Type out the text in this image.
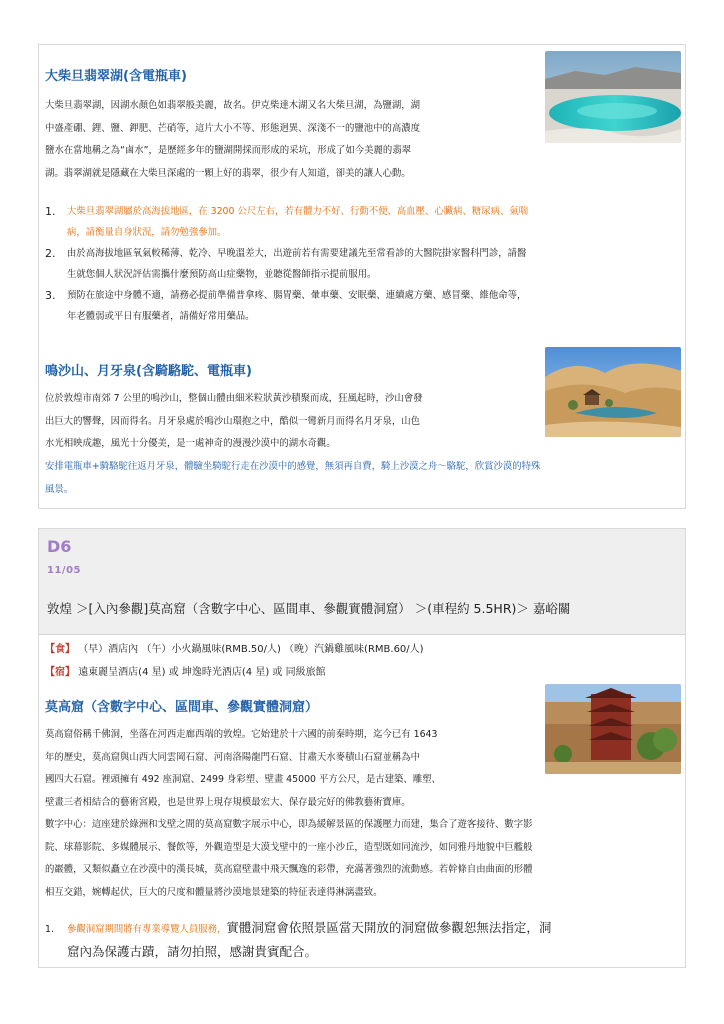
大柴旦翡翠湖(含電瓶車)

大柴旦翡翠湖，因湖水顏色如翡翠般美麗，故名。伊克柴達木湖又名大柴旦湖，為鹽湖，湖
中盛產硼、鋰、鹽、鉀肥、芒硝等，這片大小不等、形態迥異、深淺不一的鹽池中的高濃度
鹽水在當地稱之為“鹵水”，是歷經多年的鹽湖開採而形成的采坑，形成了如今美麗的翡翠
湖。翡翠湖就是隱藏在大柴旦深處的一顆上好的翡翠，很少有人知道，卻美的讓人心動。

1. 大柴旦翡翠湖屬於高海拔地區，在 3200 公尺左右，若有體力不好、行動不便、高血壓、心臟病、糖尿病、氣喘
病，請衡量自身狀況，請勿勉強參加。
2. 由於高海拔地區氧氣較稀薄、乾冷、早晚溫差大，出遊前若有需要建議先至常看診的大醫院掛家醫科門診，請醫
生就您個人狀況評估需攜什麼預防高山症藥物，並聽從醫師指示提前服用。
3. 預防在旅途中身體不適，請務必提前準備普拿疼、腸胃藥、暈車藥、安眠藥、連續處方藥、感冒藥、維他命等，
年老體弱或平日有服藥者，請備好常用藥品。
鳴沙山、月牙泉(含騎駱駝、電瓶車)

位於敦煌市南郊 7 公里的鳴沙山，整個山體由細米粒狀黃沙積聚而成，狂風起時，沙山會發
出巨大的響聲，因而得名。月牙泉處於鳴沙山環抱之中，酷似一彎新月而得名月牙泉，山色
水光相映成趣，風光十分優美，是一處神奇的漫漫沙漠中的湖水奇觀。

安排電瓶車+騎駱駝往返月牙泉，體驗坐騎駝行走在沙漠中的感覺，無須再自費，騎上沙漠之舟～駱駝，欣賞沙漠的特殊
風景。

D6
11/05
敦煌 ＞[入內參觀]莫高窟（含數字中心、區間車、參觀實體洞窟） ＞(車程約 5.5HR)＞ 嘉峪關
【食】 （早）酒店內 （午）小火鍋風味(RMB.50/人) （晚）汽鍋雞風味(RMB.60/人)
【宿】 遠東麗呈酒店(4 星) 或 坤逸時光酒店(4 星) 或 同級旅館
莫高窟（含數字中心、區間車、參觀實體洞窟）

莫高窟俗稱千佛洞，坐落在河西走廊西端的敦煌。它始建於十六國的前秦時期，迄今已有 1643
年的歷史，莫高窟與山西大同雲岡石窟、河南洛陽龍門石窟、甘肅天水麥積山石窟並稱為中
國四大石窟。裡頭擁有 492 座洞窟、2499 身彩塑、壁畫 45000 平方公尺，是古建築、雕塑、
壁畫三者相結合的藝術宮殿，也是世界上現存規模最宏大、保存最完好的佛教藝術寶庫。
數字中心：這座建於綠洲和戈壁之間的莫高窟數字展示中心，即為緩解景區的保護壓力而建，集合了遊客接待、數字影
院、球幕影院、多媒體展示、餐飲等，外觀造型是大漠戈壁中的一座小沙丘，造型既如同流沙，如同雅丹地貌中巨艦般
的巖體，又類似矗立在沙漠中的漢長城，莫高窟壁畫中飛天飄逸的彩帶，充滿著強烈的流動感。若幹條自由曲面的形體
相互交錯，婉轉起伏，巨大的尺度和體量將沙漠地景建築的特征表達得淋漓盡致。

1. 參觀洞窟期間將有專業導覽人員服務，實體洞窟會依照景區當天開放的洞窟做參觀恕無法指定，洞
窟內為保護古蹟，請勿拍照，感謝貴賓配合。
